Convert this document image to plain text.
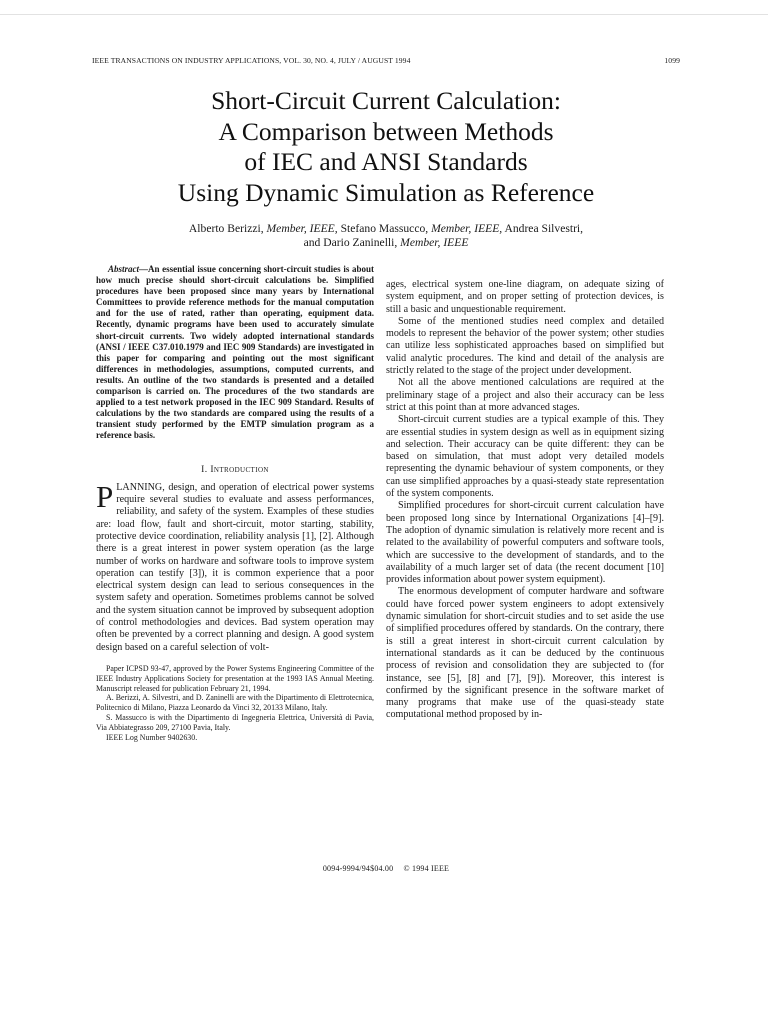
IEEE TRANSACTIONS ON INDUSTRY APPLICATIONS, VOL. 30, NO. 4, JULY / AUGUST 1994	1099
Short-Circuit Current Calculation:
A Comparison between Methods
of IEC and ANSI Standards
Using Dynamic Simulation as Reference
Alberto Berizzi, Member, IEEE, Stefano Massucco, Member, IEEE, Andrea Silvestri,
and Dario Zaninelli, Member, IEEE

Abstract—An essential issue concerning short-circuit studies is about how much precise should short-circuit calculations be. Simplified procedures have been proposed since many years by International Committees to provide reference methods for the manual computation and for the use of rated, rather than operating, equipment data. Recently, dynamic programs have been used to accurately simulate short-circuit currents. Two widely adopted international standards (ANSI / IEEE C37.010.1979 and IEC 909 Standards) are investigated in this paper for comparing and pointing out the most significant differences in methodologies, assumptions, computed currents, and results. An outline of the two standards is presented and a detailed comparison is carried on. The procedures of the two standards are applied to a test network proposed in the IEC 909 Standard. Results of calculations by the two standards are compared using the results of a transient study performed by the EMTP simulation program as a reference basis.

I. Introduction

PLANNING, design, and operation of electrical power systems require several studies to evaluate and assess performances, reliability, and safety of the system. Examples of these studies are: load flow, fault and short-circuit, motor starting, stability, protective device coordination, reliability analysis [1], [2]. Although there is a great interest in power system operation (as the large number of works on hardware and software tools to improve system operation can testify [3]), it is common experience that a poor electrical system design can lead to serious consequences in the system safety and operation. Sometimes problems cannot be solved and the system situation cannot be improved by subsequent adoption of control methodologies and devices. Bad system operation may often be prevented by a correct planning and design. A good system design based on a careful selection of volt-

Paper ICPSD 93-47, approved by the Power Systems Engineering Committee of the IEEE Industry Applications Society for presentation at the 1993 IAS Annual Meeting. Manuscript released for publication February 21, 1994.

A. Berizzi, A. Silvestri, and D. Zaninelli are with the Dipartimento di Elettrotecnica, Politecnico di Milano, Piazza Leonardo da Vinci 32, 20133 Milano, Italy.

S. Massucco is with the Dipartimento di Ingegneria Elettrica, Università di Pavia, Via Abbiategrasso 209, 27100 Pavia, Italy.

IEEE Log Number 9402630.

ages, electrical system one-line diagram, on adequate sizing of system equipment, and on proper setting of protection devices, is still a basic and unquestionable requirement.

Some of the mentioned studies need complex and detailed models to represent the behavior of the power system; other studies can utilize less sophisticated approaches based on simplified but valid analytic procedures. The kind and detail of the analysis are strictly related to the stage of the project under development.

Not all the above mentioned calculations are required at the preliminary stage of a project and also their accuracy can be less strict at this point than at more advanced stages.

Short-circuit current studies are a typical example of this. They are essential studies in system design as well as in equipment sizing and selection. Their accuracy can be quite different: they can be based on simulation, that must adopt very detailed models representing the dynamic behaviour of system components, or they can use simplified approaches by a quasi-steady state representation of the system components.

Simplified procedures for short-circuit current calculation have been proposed long since by International Organizations [4]–[9]. The adoption of dynamic simulation is relatively more recent and is related to the availability of powerful computers and software tools, which are successive to the development of standards, and to the availability of a much larger set of data (the recent document [10] provides information about power system equipment).

The enormous development of computer hardware and software could have forced power system engineers to adopt extensively dynamic simulation for short-circuit studies and to set aside the use of simplified procedures offered by standards. On the contrary, there is still a great interest in short-circuit current calculation by international standards as it can be deduced by the continuous process of revision and consolidation they are subjected to (for instance, see [5], [8] and [7], [9]). Moreover, this interest is confirmed by the significant presence in the software market of many programs that make use of the quasi-steady state computational method proposed by in-

0094-9994/94$04.00 © 1994 IEEE
